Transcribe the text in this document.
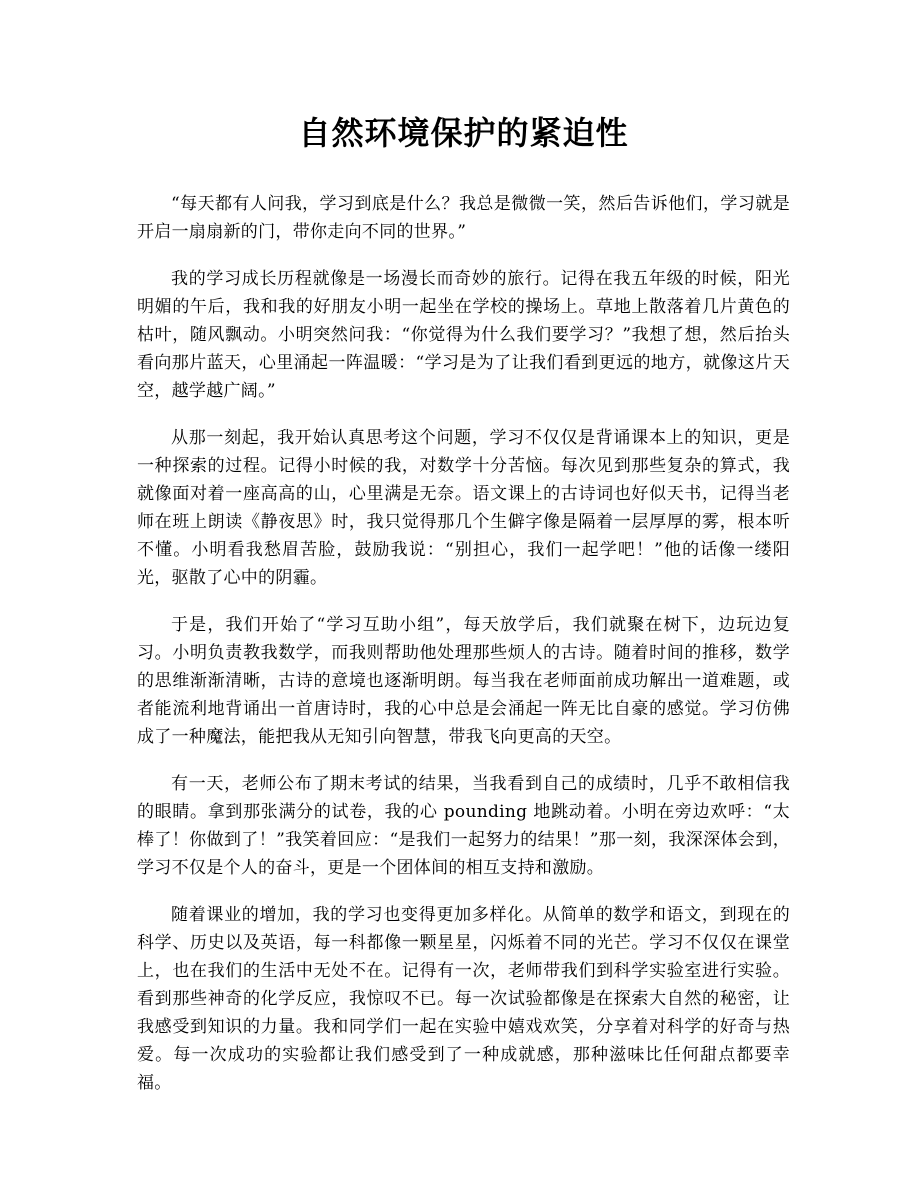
自然环境保护的紧迫性

“每天都有人问我，学习到底是什么？我总是微微一笑，然后告诉他们，学习就是开启一扇扇新的门，带你走向不同的世界。”

我的学习成长历程就像是一场漫长而奇妙的旅行。记得在我五年级的时候，阳光明媚的午后，我和我的好朋友小明一起坐在学校的操场上。草地上散落着几片黄色的枯叶，随风飘动。小明突然问我：“你觉得为什么我们要学习？”我想了想，然后抬头看向那片蓝天，心里涌起一阵温暖：“学习是为了让我们看到更远的地方，就像这片天空，越学越广阔。”

从那一刻起，我开始认真思考这个问题，学习不仅仅是背诵课本上的知识，更是一种探索的过程。记得小时候的我，对数学十分苦恼。每次见到那些复杂的算式，我就像面对着一座高高的山，心里满是无奈。语文课上的古诗词也好似天书，记得当老师在班上朗读《静夜思》时，我只觉得那几个生僻字像是隔着一层厚厚的雾，根本听不懂。小明看我愁眉苦脸，鼓励我说：“别担心，我们一起学吧！”他的话像一缕阳光，驱散了心中的阴霾。

于是，我们开始了“学习互助小组”，每天放学后，我们就聚在树下，边玩边复习。小明负责教我数学，而我则帮助他处理那些烦人的古诗。随着时间的推移，数学的思维渐渐清晰，古诗的意境也逐渐明朗。每当我在老师面前成功解出一道难题，或者能流利地背诵出一首唐诗时，我的心中总是会涌起一阵无比自豪的感觉。学习仿佛成了一种魔法，能把我从无知引向智慧，带我飞向更高的天空。

有一天，老师公布了期末考试的结果，当我看到自己的成绩时，几乎不敢相信我的眼睛。拿到那张满分的试卷，我的心 pounding 地跳动着。小明在旁边欢呼：“太棒了！你做到了！”我笑着回应：“是我们一起努力的结果！”那一刻，我深深体会到，学习不仅是个人的奋斗，更是一个团体间的相互支持和激励。

随着课业的增加，我的学习也变得更加多样化。从简单的数学和语文，到现在的科学、历史以及英语，每一科都像一颗星星，闪烁着不同的光芒。学习不仅仅在课堂上，也在我们的生活中无处不在。记得有一次，老师带我们到科学实验室进行实验。看到那些神奇的化学反应，我惊叹不已。每一次试验都像是在探索大自然的秘密，让我感受到知识的力量。我和同学们一起在实验中嬉戏欢笑，分享着对科学的好奇与热爱。每一次成功的实验都让我们感受到了一种成就感，那种滋味比任何甜点都要幸福。
